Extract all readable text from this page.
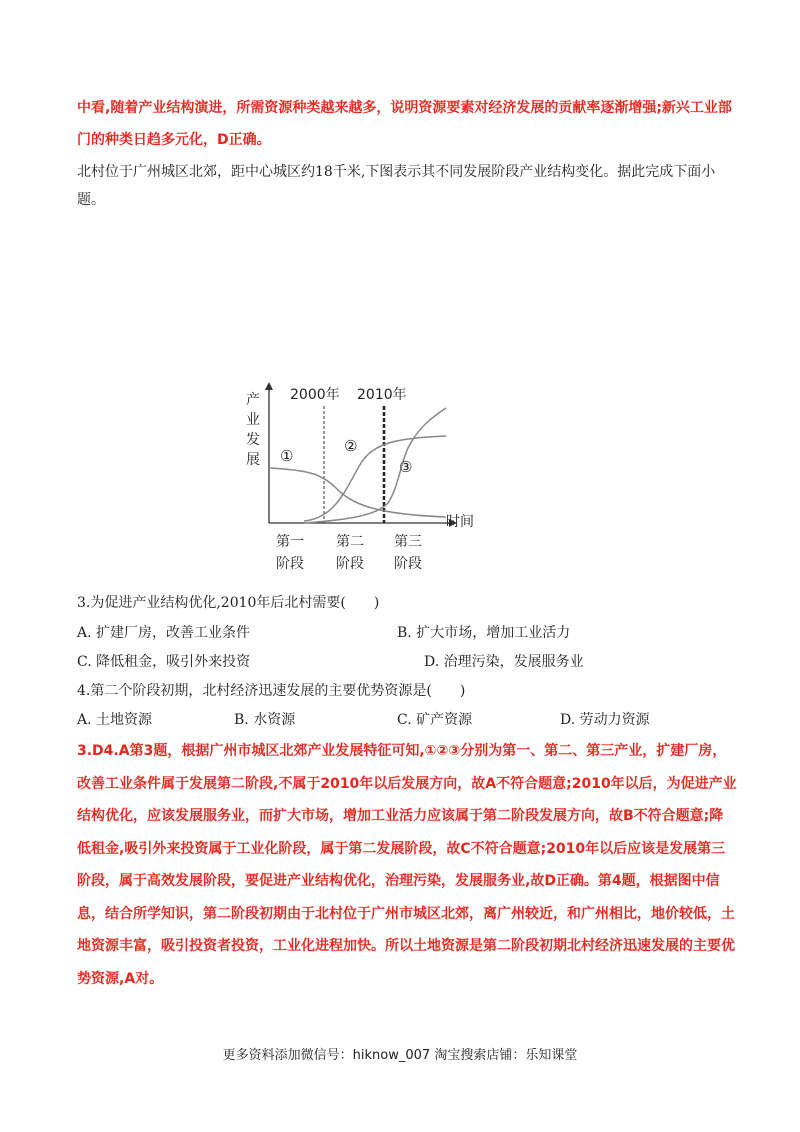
中看,随着产业结构演进，所需资源种类越来越多，说明资源要素对经济发展的贡献率逐渐增强;新兴工业部门的种类日趋多元化，D正确。

北村位于广州城区北郊，距中心城区约18千米,下图表示其不同发展阶段产业结构变化。据此完成下面小题。

产
业
发
展
时间
2000年 2010年
①
②
③
第一
阶段
第二
阶段
第三
阶段

3.为促进产业结构优化,2010年后北村需要(　　)

A. 扩建厂房，改善工业条件	B. 扩大市场，增加工业活力

C. 降低租金，吸引外来投资	D. 治理污染，发展服务业

4.第二个阶段初期，北村经济迅速发展的主要优势资源是(　　)

A. 土地资源	B. 水资源	C. 矿产资源	D. 劳动力资源

3.D4.A第3题，根据广州市城区北郊产业发展特征可知,①②③分别为第一、第二、第三产业，扩建厂房，改善工业条件属于发展第二阶段,不属于2010年以后发展方向，故A不符合题意;2010年以后，为促进产业结构优化，应该发展服务业，而扩大市场，增加工业活力应该属于第二阶段发展方向，故B不符合题意;降低租金,吸引外来投资属于工业化阶段，属于第二发展阶段，故C不符合题意;2010年以后应该是发展第三阶段，属于高效发展阶段，要促进产业结构优化，治理污染，发展服务业,故D正确。第4题，根据图中信息，结合所学知识，第二阶段初期由于北村位于广州市城区北郊，离广州较近，和广州相比，地价较低，土地资源丰富，吸引投资者投资，工业化进程加快。所以土地资源是第二阶段初期北村经济迅速发展的主要优势资源,A对。

更多资料添加微信号：hiknow_007 淘宝搜索店铺：乐知课堂
